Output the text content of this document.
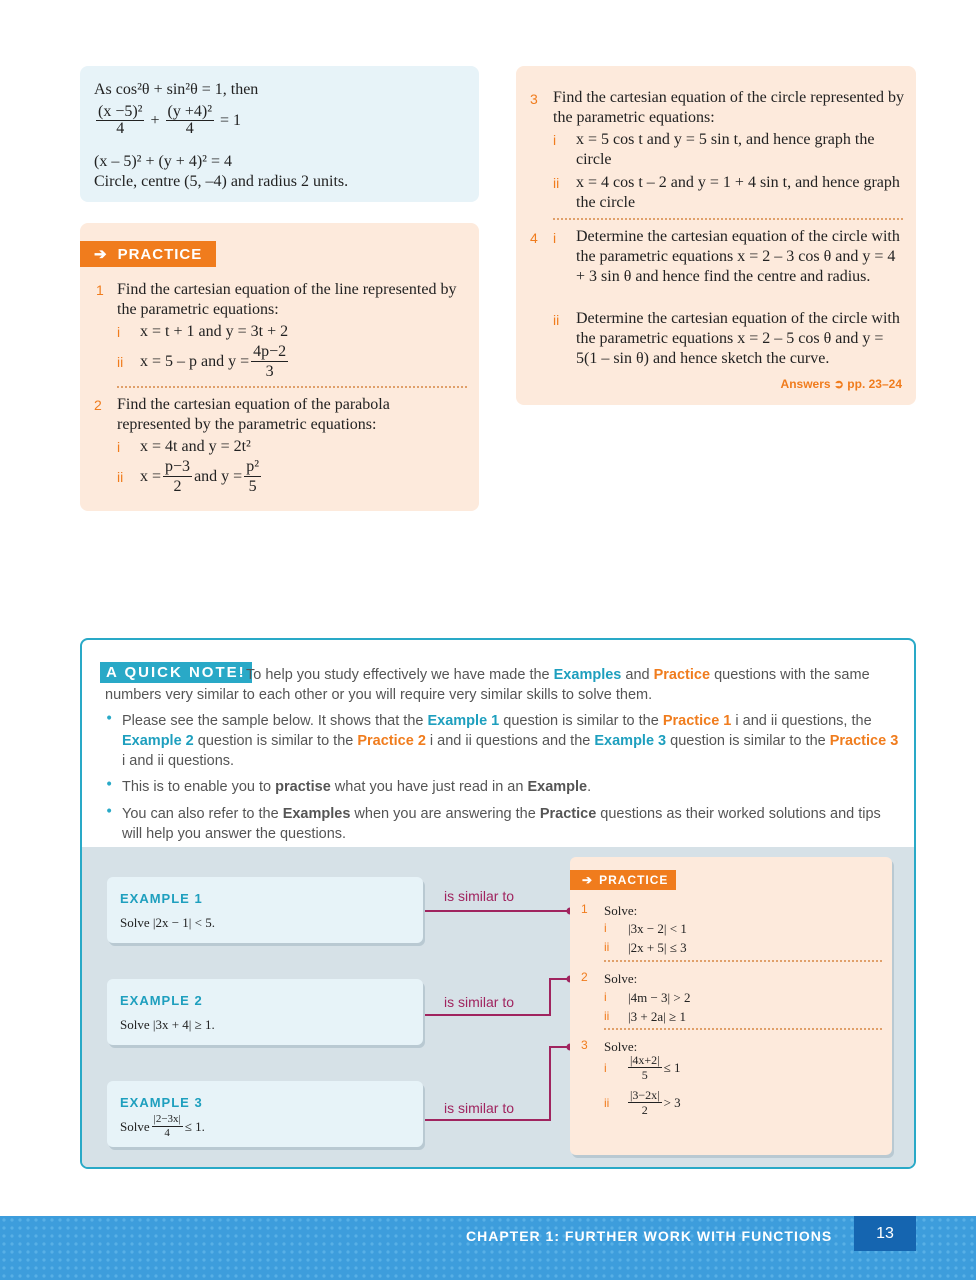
As cos²θ + sin²θ = 1, then
$\frac{\text{(x −5)²}}{4} + \frac{\text{(y +4)²}}{4} = 1$
(x – 5)² + (y + 4)² = 4
Circle, centre (5, –4) and radius 2 units.
➔ PRACTICE
1 Find the cartesian equation of the line represented by the parametric equations:
i x = t + 1 and y = 3t + 2
ii x = 5 – p and $y = \frac{4p-2}{3}$
2 Find the cartesian equation of the parabola represented by the parametric equations:
i x = 4t and y = 2t²
ii $x = \frac{p-3}{2}$ and $y = \frac{\text{p²}}{5}$
3 Find the cartesian equation of the circle represented by the parametric equations:
i x = 5 cos t and y = 5 sin t, and hence graph the circle
ii x = 4 cos t – 2 and y = 1 + 4 sin t, and hence graph the circle
4 i Determine the cartesian equation of the circle with the parametric equations x = 2 – 3 cos θ and y = 4 + 3 sin θ and hence find the centre and radius.
ii Determine the cartesian equation of the circle with the parametric equations x = 2 – 5 cos θ and y = 5(1 – sin θ) and hence sketch the curve.
Answers ➲ pp. 23–24
A QUICK NOTE! To help you study effectively we have made the Examples and Practice questions with the same numbers very similar to each other or you will require very similar skills to solve them.
• Please see the sample below. It shows that the Example 1 question is similar to the Practice 1 i and ii questions, the Example 2 question is similar to the Practice 2 i and ii questions and the Example 3 question is similar to the Practice 3 i and ii questions.
• This is to enable you to practise what you have just read in an Example.
• You can also refer to the Examples when you are answering the Practice questions as their worked solutions and tips will help you answer the questions.
EXAMPLE 1
Solve |2x − 1| < 5.
EXAMPLE 2
Solve |3x + 4| ≥ 1.
EXAMPLE 3
Solve $\frac{|2-3x|}{4} \le 1$.
is similar to
is similar to
is similar to
➔ PRACTICE
1 Solve:
i |3x − 2| < 1
ii |2x + 5| ≤ 3
2 Solve:
i |4m − 3| > 2
ii |3 + 2a| ≥ 1
3 Solve:
i $\frac{|4x+2|}{5} \le 1$
ii $\frac{|3-2x|}{2} > 3$
CHAPTER 1: FURTHER WORK WITH FUNCTIONS	13
